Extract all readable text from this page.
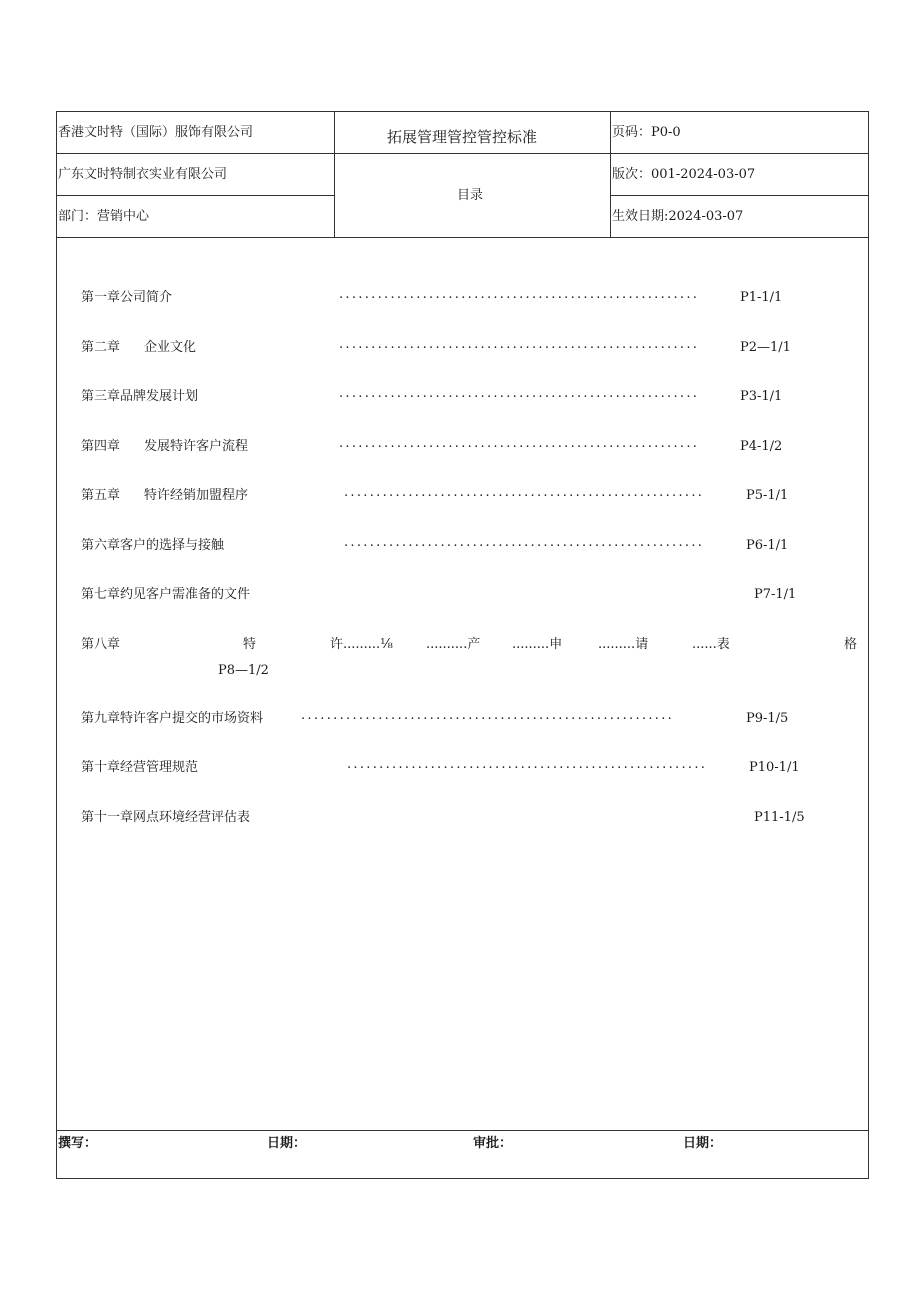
香港文时特（国际）服饰有限公司
广东文时特制衣实业有限公司
部门：营销中心
拓展管理管控管控标准
目录
页码：P0-0
版次：001-2024-03-07
生效日期:2024-03-07
第一章公司简介	........................................................	P1-1/1
第二章 企业文化	........................................................	P2—1/1
第三章品牌发展计划	........................................................	P3-1/1
第四章 发展特许客户流程	........................................................	P4-1/2
第五章 特许经销加盟程序	........................................................	P5-1/1
第六章客户的选择与接触	........................................................	P6-1/1
第七章约见客户需准备的文件	P7-1/1
第八章	特	许.........⅛	..........产 .........申	.........请	......表	格
P8—1/2
第九章特许客户提交的市场资料	..........................................................	P9-1/5
第十章经营管理规范	........................................................	P10-1/1
第十一章网点环境经营评估表	P11-1/5
撰写：	日期：	审批：	日期：
